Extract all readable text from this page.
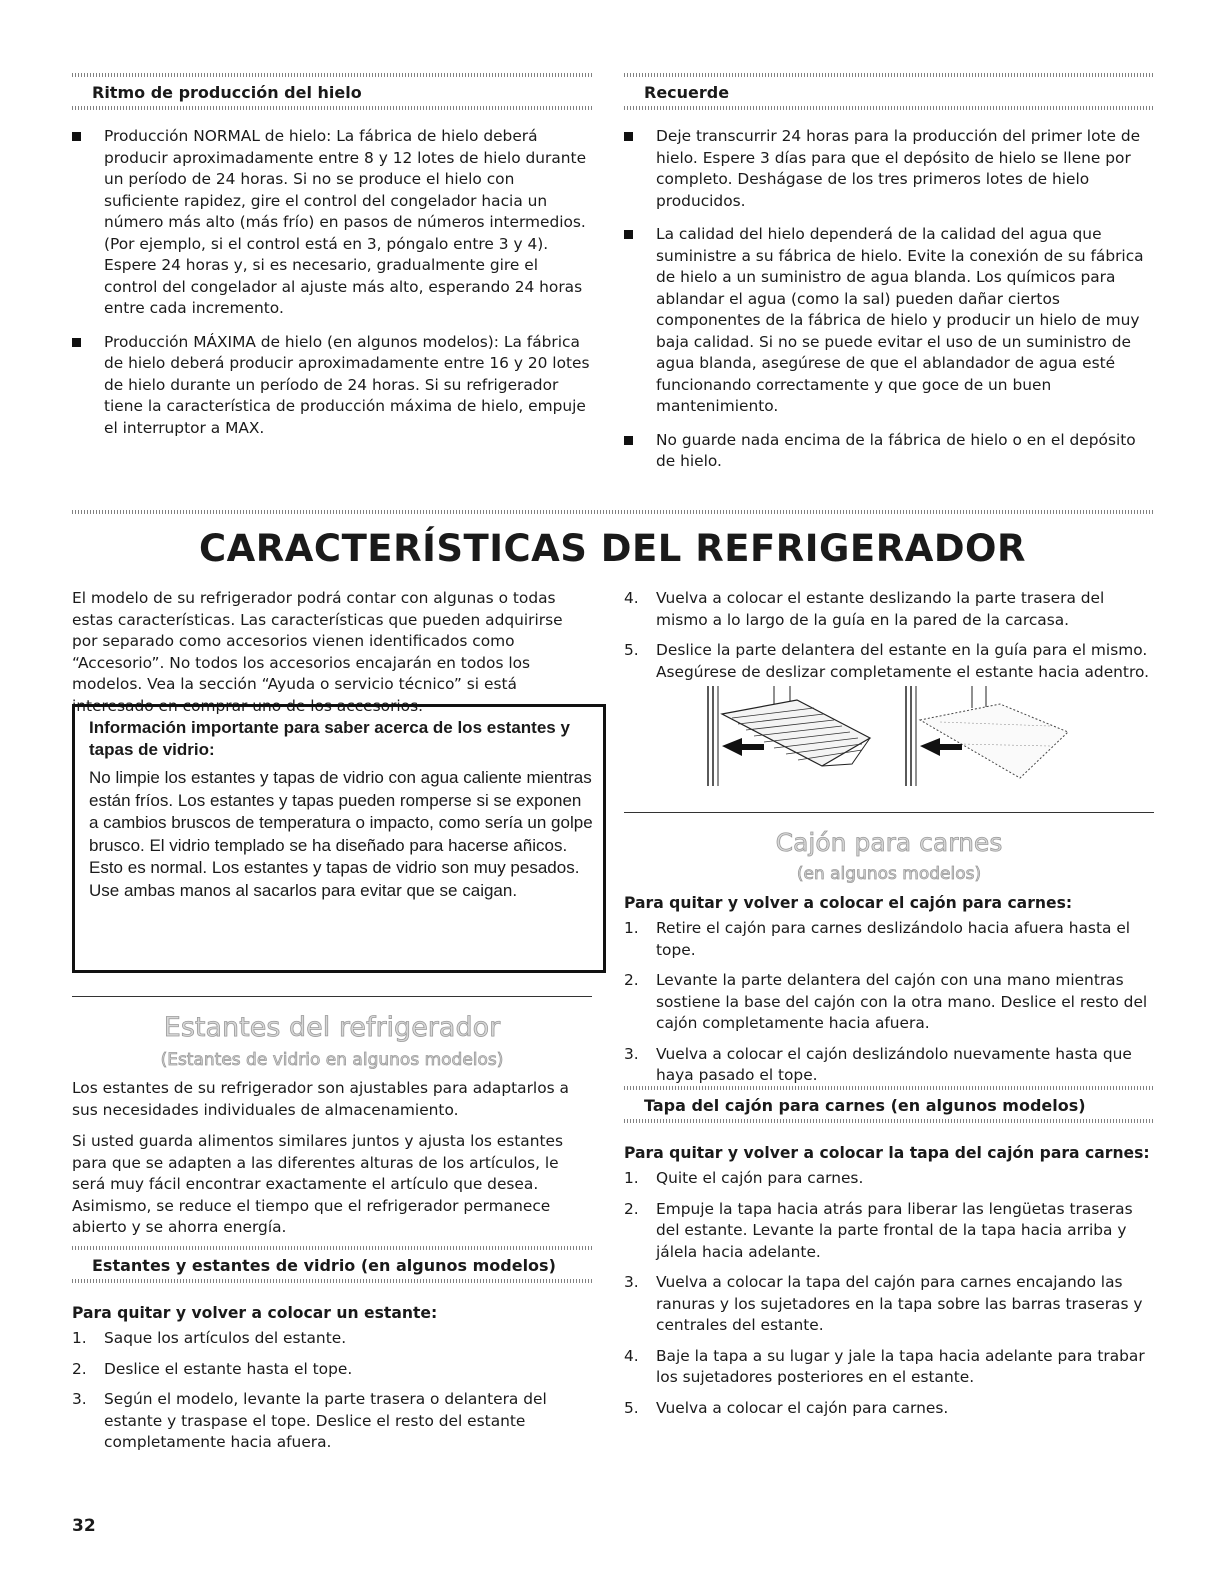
Ritmo de producción del hielo
Producción NORMAL de hielo: La fábrica de hielo deberá producir aproximadamente entre 8 y 12 lotes de hielo durante un período de 24 horas. Si no se produce el hielo con suficiente rapidez, gire el control del congelador hacia un número más alto (más frío) en pasos de números intermedios. (Por ejemplo, si el control está en 3, póngalo entre 3 y 4). Espere 24 horas y, si es necesario, gradualmente gire el control del congelador al ajuste más alto, esperando 24 horas entre cada incremento.
Producción MÁXIMA de hielo (en algunos modelos): La fábrica de hielo deberá producir aproximadamente entre 16 y 20 lotes de hielo durante un período de 24 horas. Si su refrigerador tiene la característica de producción máxima de hielo, empuje el interruptor a MAX.
Recuerde
Deje transcurrir 24 horas para la producción del primer lote de hielo. Espere 3 días para que el depósito de hielo se llene por completo. Deshágase de los tres primeros lotes de hielo producidos.
La calidad del hielo dependerá de la calidad del agua que suministre a su fábrica de hielo. Evite la conexión de su fábrica de hielo a un suministro de agua blanda. Los químicos para ablandar el agua (como la sal) pueden dañar ciertos componentes de la fábrica de hielo y producir un hielo de muy baja calidad. Si no se puede evitar el uso de un suministro de agua blanda, asegúrese de que el ablandador de agua esté funcionando correctamente y que goce de un buen mantenimiento.
No guarde nada encima de la fábrica de hielo o en el depósito de hielo.
CARACTERÍSTICAS DEL REFRIGERADOR

El modelo de su refrigerador podrá contar con algunas o todas estas características. Las características que pueden adquirirse por separado como accesorios vienen identificados como “Accesorio”. No todos los accesorios encajarán en todos los modelos. Vea la sección “Ayuda o servicio técnico” si está interesado en comprar uno de los accesorios.

Información importante para saber acerca de los estantes y tapas de vidrio:

No limpie los estantes y tapas de vidrio con agua caliente mientras están fríos. Los estantes y tapas pueden romperse si se exponen a cambios bruscos de temperatura o impacto, como sería un golpe brusco. El vidrio templado se ha diseñado para hacerse añicos. Esto es normal. Los estantes y tapas de vidrio son muy pesados. Use ambas manos al sacarlos para evitar que se caigan.

Estantes del refrigerador
(Estantes de vidrio en algunos modelos)

Los estantes de su refrigerador son ajustables para adaptarlos a sus necesidades individuales de almacenamiento.

Si usted guarda alimentos similares juntos y ajusta los estantes para que se adapten a las diferentes alturas de los artículos, le será muy fácil encontrar exactamente el artículo que desea. Asimismo, se reduce el tiempo que el refrigerador permanece abierto y se ahorra energía.

Estantes y estantes de vidrio (en algunos modelos)

Para quitar y volver a colocar un estante:

1. Saque los artículos del estante.
2. Deslice el estante hasta el tope.
3. Según el modelo, levante la parte trasera o delantera del estante y traspase el tope. Deslice el resto del estante completamente hacia afuera.
4. Vuelva a colocar el estante deslizando la parte trasera del mismo a lo largo de la guía en la pared de la carcasa.
5. Deslice la parte delantera del estante en la guía para el mismo. Asegúrese de deslizar completamente el estante hacia adentro.
Cajón para carnes
(en algunos modelos)

Para quitar y volver a colocar el cajón para carnes:

1. Retire el cajón para carnes deslizándolo hacia afuera hasta el tope.
2. Levante la parte delantera del cajón con una mano mientras sostiene la base del cajón con la otra mano. Deslice el resto del cajón completamente hacia afuera.
3. Vuelva a colocar el cajón deslizándolo nuevamente hasta que haya pasado el tope.
Tapa del cajón para carnes (en algunos modelos)

Para quitar y volver a colocar la tapa del cajón para carnes:

1. Quite el cajón para carnes.
2. Empuje la tapa hacia atrás para liberar las lengüetas traseras del estante. Levante la parte frontal de la tapa hacia arriba y jálela hacia adelante.
3. Vuelva a colocar la tapa del cajón para carnes encajando las ranuras y los sujetadores en la tapa sobre las barras traseras y centrales del estante.
4. Baje la tapa a su lugar y jale la tapa hacia adelante para trabar los sujetadores posteriores en el estante.
5. Vuelva a colocar el cajón para carnes.
32
